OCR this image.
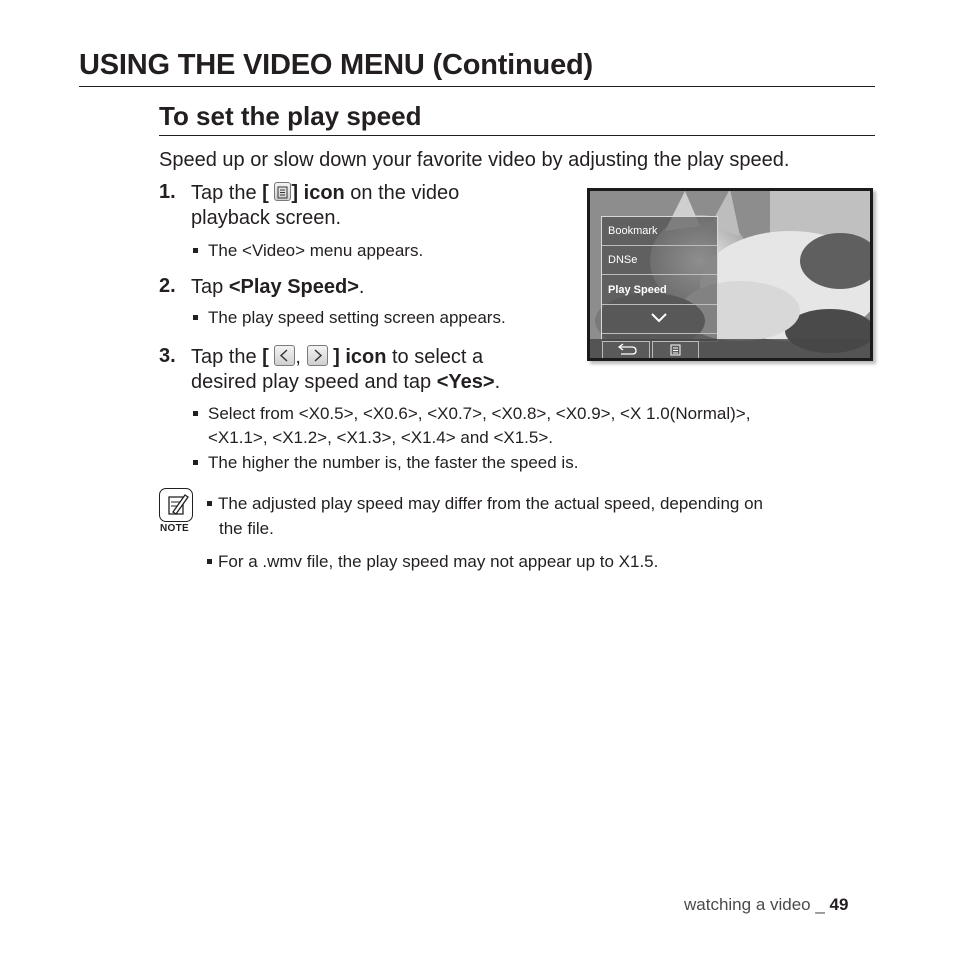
USING THE VIDEO MENU (Continued)
To set the play speed
Speed up or slow down your favorite video by adjusting the play speed.
1. Tap the [ ] icon on the video
playback screen.
The <Video> menu appears.
2. Tap <Play Speed>.
The play speed setting screen appears.
3. Tap the [ , ] icon to select a
desired play speed and tap <Yes>.
Select from <X0.5>, <X0.6>, <X0.7>, <X0.8>, <X0.9>, <X 1.0(Normal)>,
<X1.1>, <X1.2>, <X1.3>, <X1.4> and <X1.5>.
The higher the number is, the faster the speed is.
Bookmark
DNSe
Play Speed
NOTE
The adjusted play speed may differ from the actual speed, depending on
the file.
For a .wmv file, the play speed may not appear up to X1.5.
watching a video _ 49
